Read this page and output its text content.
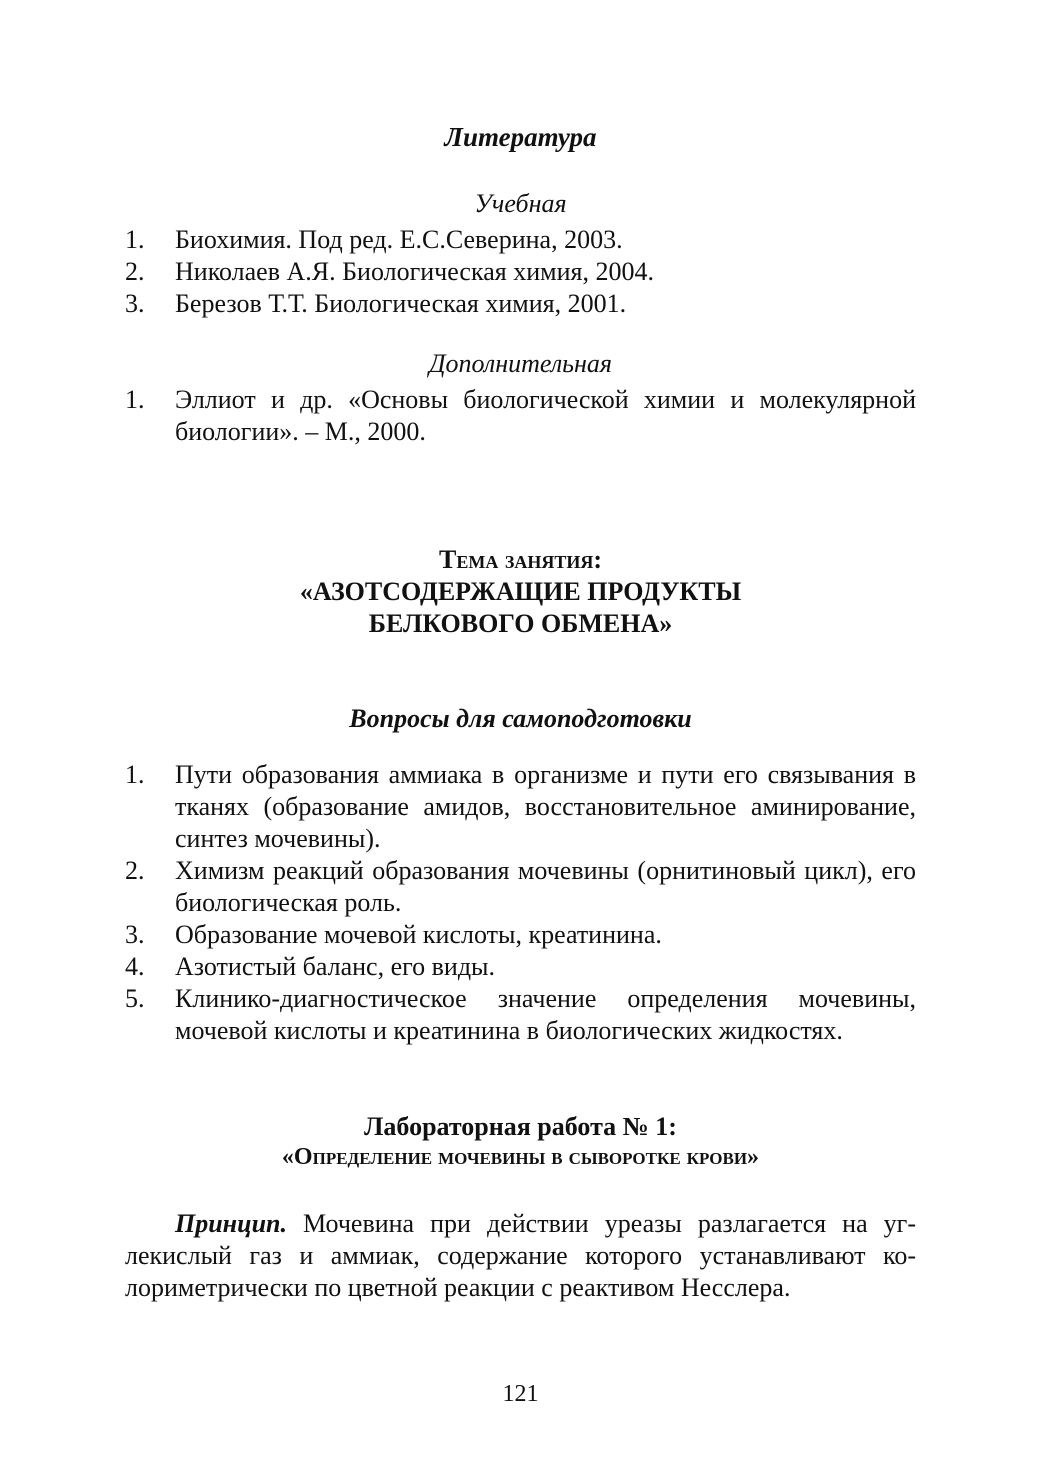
Литература
Учебная
1.	Биохимия. Под ред. Е.С.Северина, 2003.
2.	Николаев А.Я. Биологическая химия, 2004.
3.	Березов Т.Т. Биологическая химия, 2001.
Дополнительная
1.	Эллиот и др. «Основы биологической химии и молекулярной биологии». – М., 2000.
Тема занятия:
«АЗОТСОДЕРЖАЩИЕ ПРОДУКТЫ
БЕЛКОВОГО ОБМЕНА»
Вопросы для самоподготовки
1.	Пути образования аммиака в организме и пути его связывания в тканях (образование амидов, восстановительное аминирование, синтез мочевины).
2.	Химизм реакций образования мочевины (орнитиновый цикл), его биологическая роль.
3.	Образование мочевой кислоты, креатинина.
4.	Азотистый баланс, его виды.
5.	Клинико-диагностическое значение определения мочевины, мочевой кислоты и креатинина в биологических жидкостях.
Лабораторная работа № 1:
«Определение мочевины в сыворотке крови»

Принцип. Мочевина при действии уреазы разлагается на углекислый газ и аммиак, содержание которого устанавливают колориметрически по цветной реакции с реактивом Несслера.

121
